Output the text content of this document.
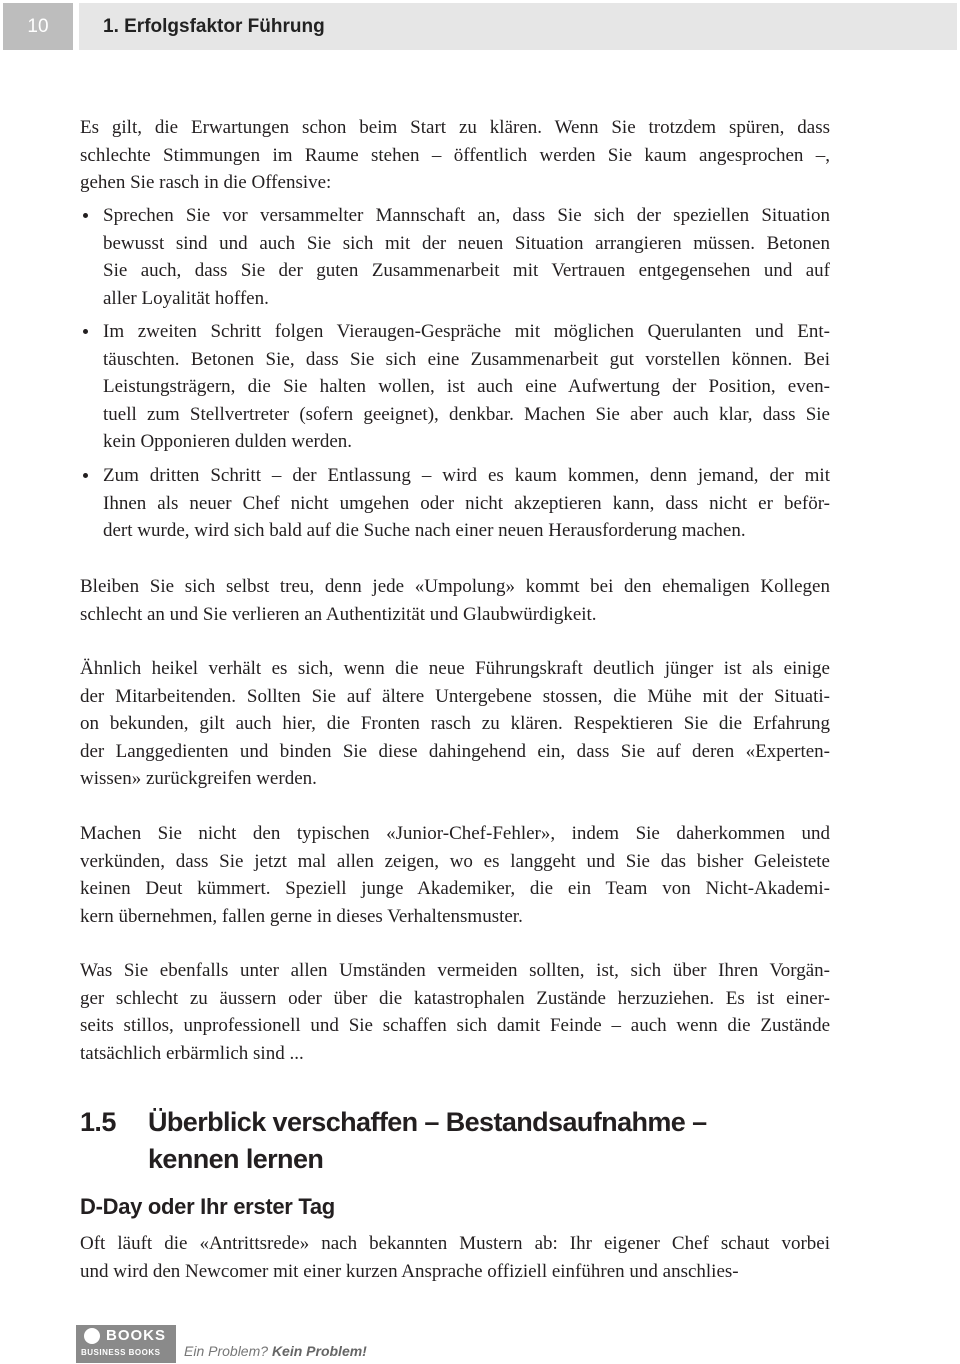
10	1. Erfolgsfaktor Führung
Es gilt, die Erwartungen schon beim Start zu klären. Wenn Sie trotzdem spüren, dass
schlechte Stimmungen im Raume stehen – öffentlich werden Sie kaum angesprochen –,
gehen Sie rasch in die Offensive:
Sprechen Sie vor versammelter Mannschaft an, dass Sie sich der speziellen Situation
bewusst sind und auch Sie sich mit der neuen Situation arrangieren müssen. Betonen
Sie auch, dass Sie der guten Zusammenarbeit mit Vertrauen entgegensehen und auf
aller Loyalität hoffen.
Im zweiten Schritt folgen Vieraugen-Gespräche mit möglichen Querulanten und Ent-
täuschten. Betonen Sie, dass Sie sich eine Zusammenarbeit gut vorstellen können. Bei
Leistungsträgern, die Sie halten wollen, ist auch eine Aufwertung der Position, even-
tuell zum Stellvertreter (sofern geeignet), denkbar. Machen Sie aber auch klar, dass Sie
kein Opponieren dulden werden.
Zum dritten Schritt – der Entlassung – wird es kaum kommen, denn jemand, der mit
Ihnen als neuer Chef nicht umgehen oder nicht akzeptieren kann, dass nicht er beför-
dert wurde, wird sich bald auf die Suche nach einer neuen Herausforderung machen.
Bleiben Sie sich selbst treu, denn jede «Umpolung» kommt bei den ehemaligen Kollegen
schlecht an und Sie verlieren an Authentizität und Glaubwürdigkeit.
Ähnlich heikel verhält es sich, wenn die neue Führungskraft deutlich jünger ist als einige
der Mitarbeitenden. Sollten Sie auf ältere Untergebene stossen, die Mühe mit der Situati-
on bekunden, gilt auch hier, die Fronten rasch zu klären. Respektieren Sie die Erfahrung
der Langgedienten und binden Sie diese dahingehend ein, dass Sie auf deren «Experten-
wissen» zurückgreifen werden.
Machen Sie nicht den typischen «Junior-Chef-Fehler», indem Sie daherkommen und
verkünden, dass Sie jetzt mal allen zeigen, wo es langgeht und Sie das bisher Geleistete
keinen Deut kümmert. Speziell junge Akademiker, die ein Team von Nicht-Akademi-
kern übernehmen, fallen gerne in dieses Verhaltensmuster.
Was Sie ebenfalls unter allen Umständen vermeiden sollten, ist, sich über Ihren Vorgän-
ger schlecht zu äussern oder über die katastrophalen Zustände herzuziehen. Es ist einer-
seits stillos, unprofessionell und Sie schaffen sich damit Feinde – auch wenn die Zustände
tatsächlich erbärmlich sind ...
1.5 Überblick verschaffen – Bestandsaufnahme –
kennen lernen
D-Day oder Ihr erster Tag
Oft läuft die «Antrittsrede» nach bekannten Mustern ab: Ihr eigener Chef schaut vorbei
und wird den Newcomer mit einer kurzen Ansprache offiziell einführen und anschlies-
BOOKS
BUSINESS BOOKS Ein Problem? Kein Problem!
